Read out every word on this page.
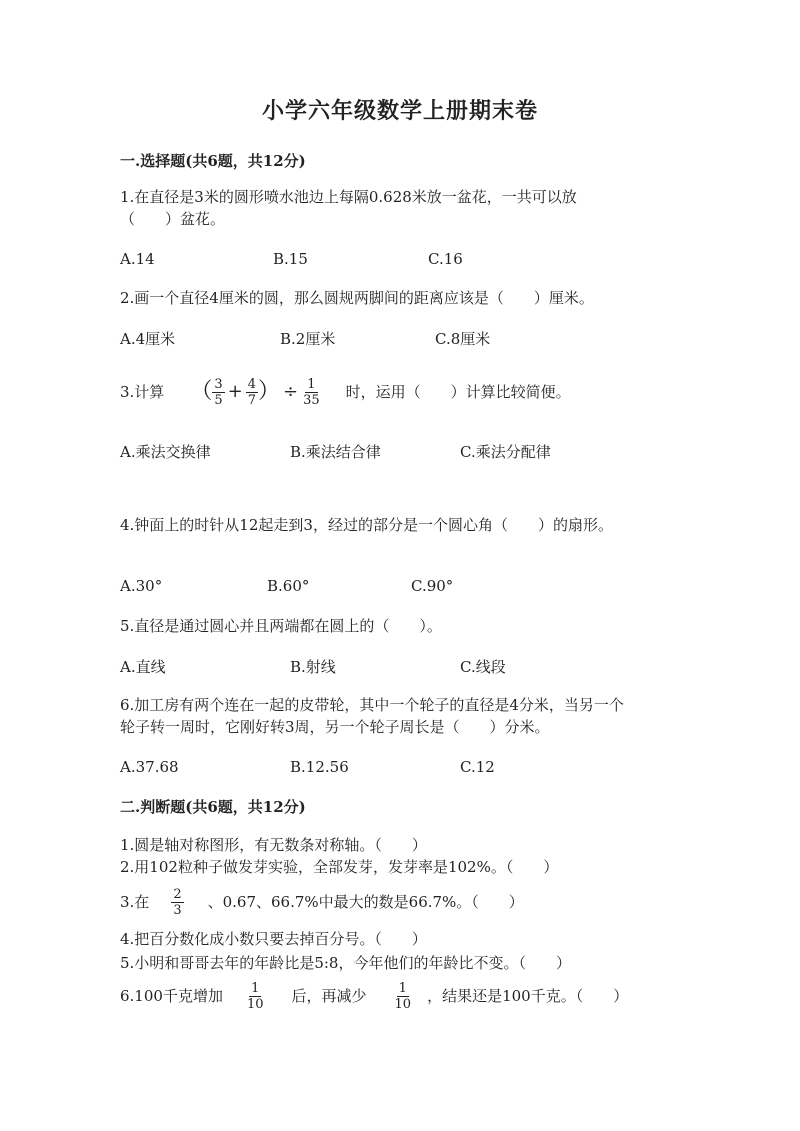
小学六年级数学上册期末卷
一.选择题(共6题，共12分)
1.在直径是3米的圆形喷水池边上每隔0.628米放一盆花，一共可以放
（　　）盆花。
A.14	B.15	C.16
2.画一个直径4厘米的圆，那么圆规两脚间的距离应该是（　　）厘米。
A.4厘米	B.2厘米	C.8厘米
3.计算 （ $\frac{3}{5} + \frac{4}{7}$ ） ÷ $\frac{1}{35}$ 时，运用（　　）计算比较简便。
A.乘法交换律	B.乘法结合律	C.乘法分配律
4.钟面上的时针从12起走到3，经过的部分是一个圆心角（　　）的扇形。
A.30°	B.60°	C.90°
5.直径是通过圆心并且两端都在圆上的（　　）。
A.直线	B.射线	C.线段
6.加工房有两个连在一起的皮带轮，其中一个轮子的直径是4分米，当另一个
轮子转一周时，它刚好转3周，另一个轮子周长是（　　）分米。
A.37.68	B.12.56	C.12
二.判断题(共6题，共12分)
1.圆是轴对称图形，有无数条对称轴。（　　）
2.用102粒种子做发芽实验，全部发芽，发芽率是102%。（　　）
3.在 $\frac{2}{3}$ 、0.67、66.7%中最大的数是66.7%。（　　）
4.把百分数化成小数只要去掉百分号。（　　）
5.小明和哥哥去年的年龄比是5:8，今年他们的年龄比不变。（　　）
6.100千克增加 $\frac{1}{10}$ 后，再减少 $\frac{1}{10}$ ，结果还是100千克。（　　）
